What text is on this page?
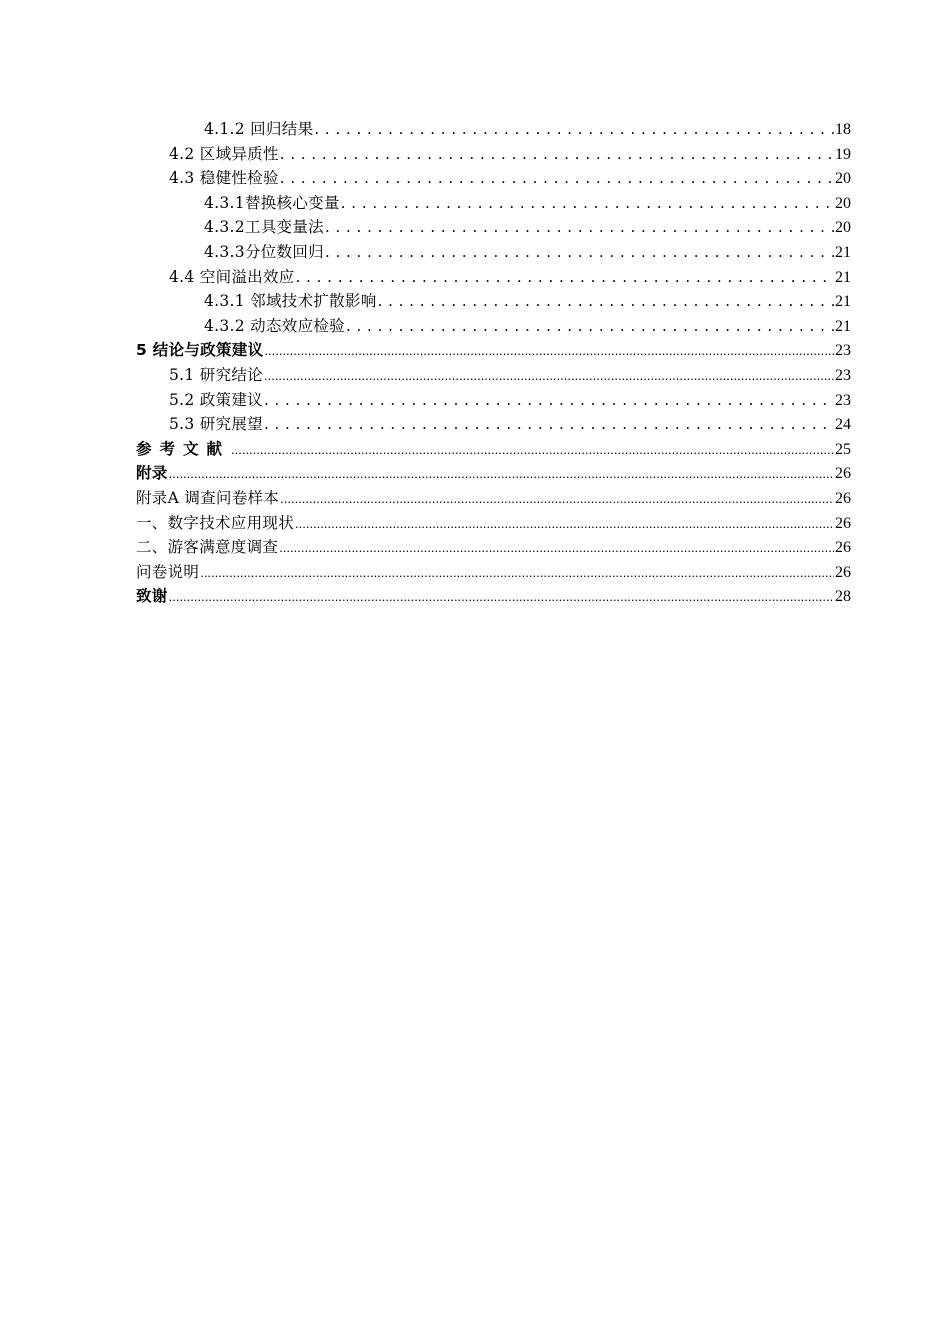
4.1.2 回归结果 . . .	18
4.2 区域异质性 . . .	19
4.3 稳健性检验 . . .	20
4.3.1替换核心变量 . . .	20
4.3.2工具变量法 . . .	20
4.3.3分位数回归 . . .	21
4.4 空间溢出效应 . . .	21
4.3.1 邻域技术扩散影响 . . .	21
4.3.2 动态效应检验 . . .	21
5 结论与政策建议 .....	23
5.1 研究结论 .....	23
5.2 政策建议 . . .	23
5.3 研究展望 . . .	24
参考文献 .....	25
附录 .....	26
附录A 调查问卷样本 .....	26
一、数字技术应用现状 .....	26
二、游客满意度调查 .....	26
问卷说明 .....	26
致谢 .....	28
